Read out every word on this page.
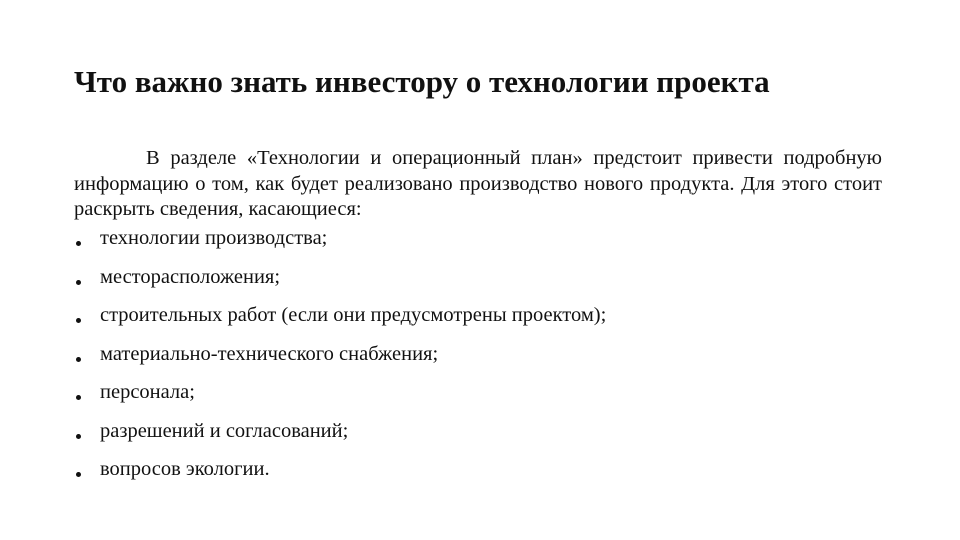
Что важно знать инвестору о технологии проекта

В разделе «Технологии и операционный план» предстоит привести подробную информацию о том, как будет реализовано производство нового продукта. Для этого стоит раскрыть сведения, касающиеся:

технологии производства;
месторасположения;
строительных работ (если они предусмотрены проектом);
материально-технического снабжения;
персонала;
разрешений и согласований;
вопросов экологии.
